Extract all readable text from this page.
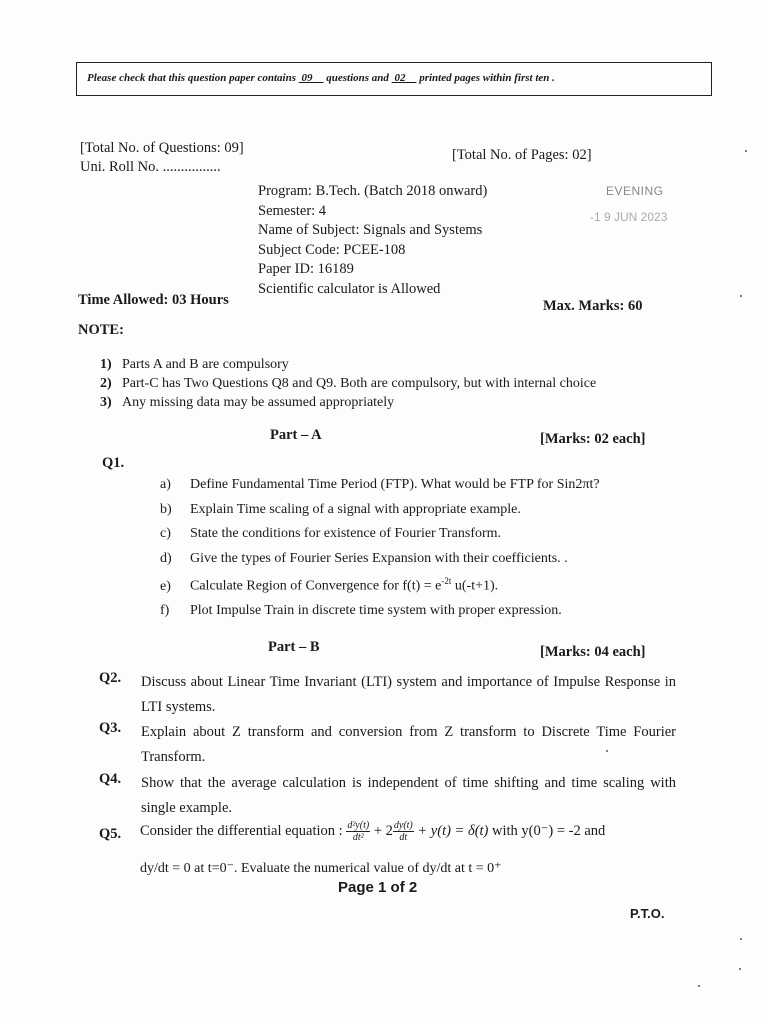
Please check that this question paper contains 09 questions and 02 printed pages within first ten .
[Total No. of Questions: 09]
Uni. Roll No. ................
[Total No. of Pages: 02]
EVENING
-1 9 JUN 2023
Program: B.Tech. (Batch 2018 onward)
Semester: 4
Name of Subject: Signals and Systems
Subject Code: PCEE-108
Paper ID: 16189
Scientific calculator is Allowed
Time Allowed: 03 Hours	Max. Marks: 60
NOTE:
1) Parts A and B are compulsory
2) Part-C has Two Questions Q8 and Q9. Both are compulsory, but with internal choice
3) Any missing data may be assumed appropriately
Part – A	[Marks: 02 each]
Q1.
a) Define Fundamental Time Period (FTP). What would be FTP for Sin2πt?
b) Explain Time scaling of a signal with appropriate example.
c) State the conditions for existence of Fourier Transform.
d) Give the types of Fourier Series Expansion with their coefficients. .
e) Calculate Region of Convergence for $f(t) = e^{-2t}$ u(-t+1).
f) Plot Impulse Train in discrete time system with proper expression.
Part – B	[Marks: 04 each]
Q2. Discuss about Linear Time Invariant (LTI) system and importance of Impulse Response in LTI systems.
Q3. Explain about Z transform and conversion from Z transform to Discrete Time Fourier Transform.
Q4. Show that the average calculation is independent of time shifting and time scaling with single example.
Q5. Consider the differential equation : $\frac{\text{d²y(t)}}{\text{dt²}} + 2 \frac{dy(t)}{dt} + y(t) = \delta(t)$ with y(0⁻) = -2 and
dy/dt = 0 at t=0⁻. Evaluate the numerical value of dy/dt at t = 0⁺
Page 1 of 2
P.T.O.
